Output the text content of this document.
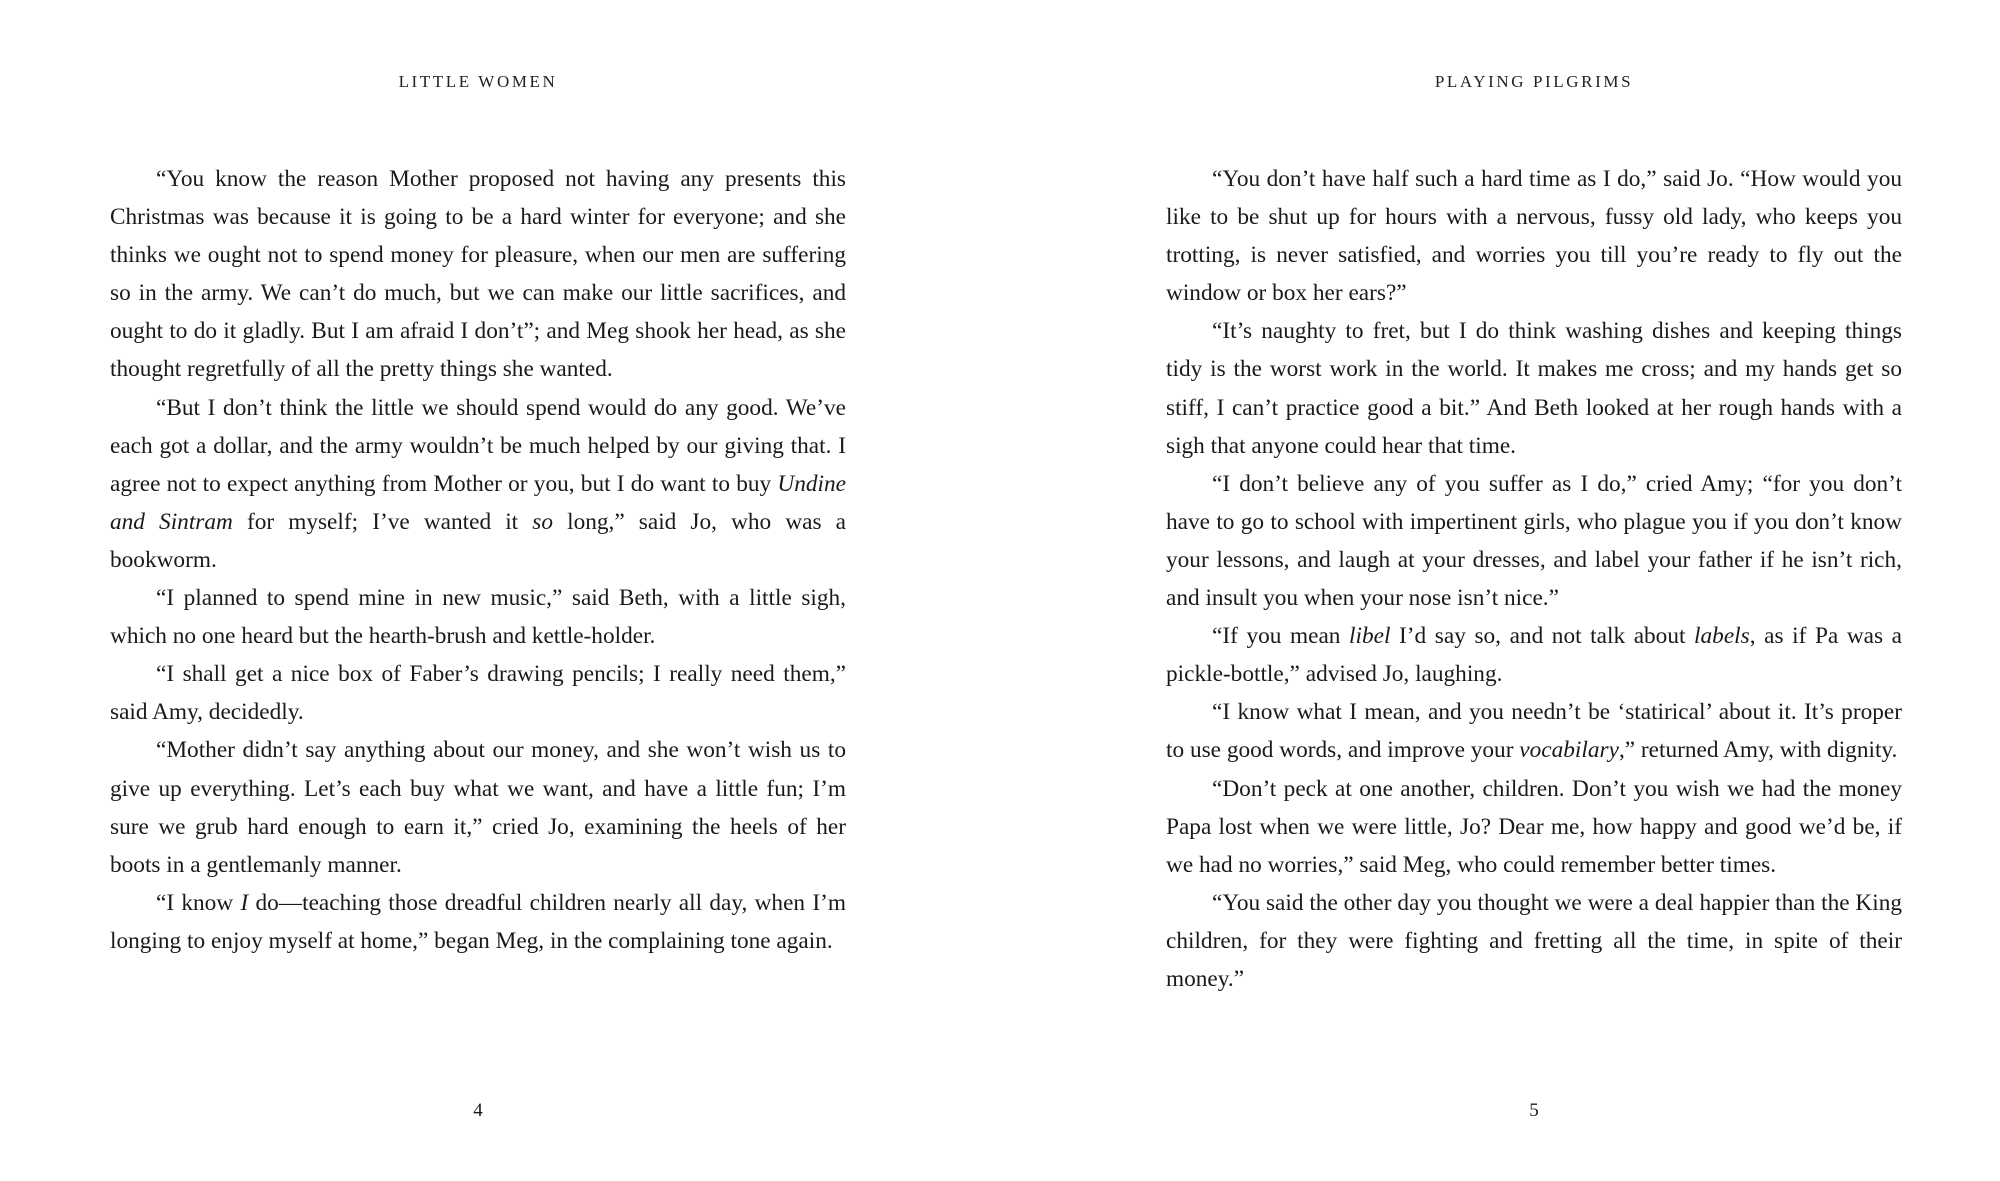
LITTLE WOMEN

“You know the reason Mother proposed not having any presents this Christmas was because it is going to be a hard winter for everyone; and she thinks we ought not to spend money for pleasure, when our men are suffering so in the army. We can’t do much, but we can make our little sacrifices, and ought to do it gladly. But I am afraid I don’t”; and Meg shook her head, as she thought regretfully of all the pretty things she wanted.

“But I don’t think the little we should spend would do any good. We’ve each got a dollar, and the army wouldn’t be much helped by our giving that. I agree not to expect anything from Mother or you, but I do want to buy Undine and Sintram for myself; I’ve wanted it so long,” said Jo, who was a bookworm.

“I planned to spend mine in new music,” said Beth, with a little sigh, which no one heard but the hearth-brush and kettle-holder.

“I shall get a nice box of Faber’s drawing pencils; I really need them,” said Amy, decidedly.

“Mother didn’t say anything about our money, and she won’t wish us to give up everything. Let’s each buy what we want, and have a little fun; I’m sure we grub hard enough to earn it,” cried Jo, examining the heels of her boots in a gentlemanly manner.

“I know I do—teaching those dreadful children nearly all day, when I’m longing to enjoy myself at home,” began Meg, in the complaining tone again.

4
PLAYING PILGRIMS

“You don’t have half such a hard time as I do,” said Jo. “How would you like to be shut up for hours with a nervous, fussy old lady, who keeps you trotting, is never satisfied, and worries you till you’re ready to fly out the window or box her ears?”

“It’s naughty to fret, but I do think washing dishes and keeping things tidy is the worst work in the world. It makes me cross; and my hands get so stiff, I can’t practice good a bit.” And Beth looked at her rough hands with a sigh that anyone could hear that time.

“I don’t believe any of you suffer as I do,” cried Amy; “for you don’t have to go to school with impertinent girls, who plague you if you don’t know your lessons, and laugh at your dresses, and label your father if he isn’t rich, and insult you when your nose isn’t nice.”

“If you mean libel I’d say so, and not talk about labels, as if Pa was a pickle-bottle,” advised Jo, laughing.

“I know what I mean, and you needn’t be ‘statirical’ about it. It’s proper to use good words, and improve your vocabilary,” returned Amy, with dignity.

“Don’t peck at one another, children. Don’t you wish we had the money Papa lost when we were little, Jo? Dear me, how happy and good we’d be, if we had no worries,” said Meg, who could remember better times.

“You said the other day you thought we were a deal happier than the King children, for they were fighting and fretting all the time, in spite of their money.”

5
